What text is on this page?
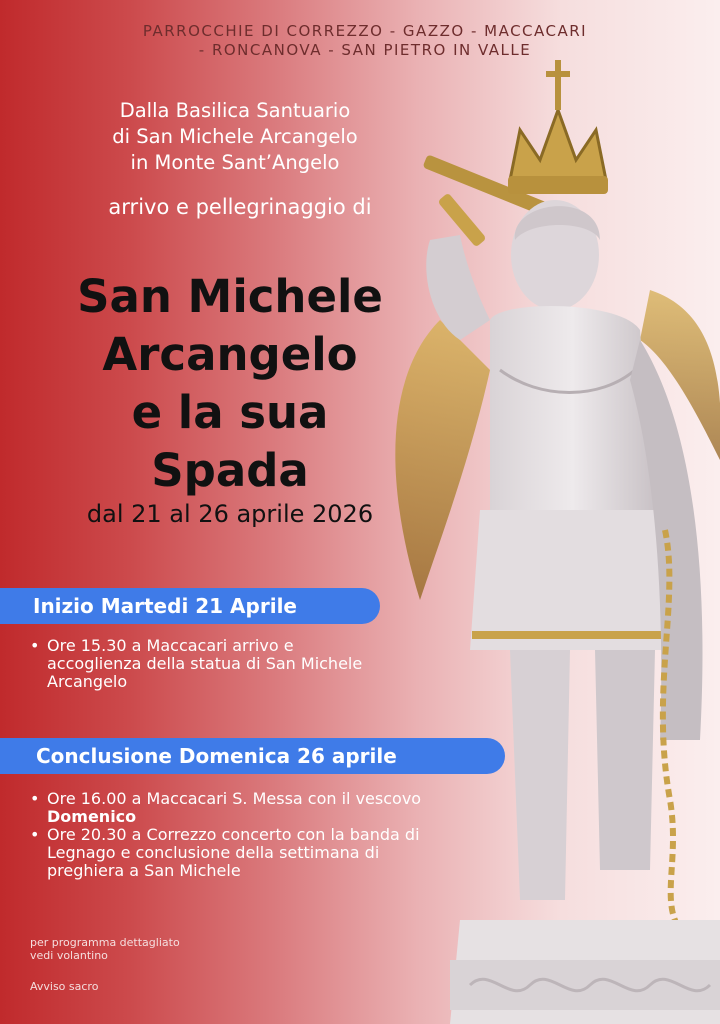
PARROCCHIE DI CORREZZO - GAZZO - MACCACARI
- RONCANOVA - SAN PIETRO IN VALLE
Dalla Basilica Santuario
di San Michele Arcangelo
in Monte Sant’Angelo
arrivo e pellegrinaggio di
San Michele
Arcangelo
e la sua
Spada
dal 21 al 26 aprile 2026
Inizio Martedi 21 Aprile
• Ore 15.30 a Maccacari arrivo e accoglienza della statua di San Michele Arcangelo
Conclusione Domenica 26 aprile
• Ore 16.00 a Maccacari S. Messa con il vescovo Domenico
• Ore 20.30 a Correzzo concerto con la banda di Legnago e conclusione della settimana di preghiera a San Michele
per programma dettagliato
vedi volantino
Avviso sacro
